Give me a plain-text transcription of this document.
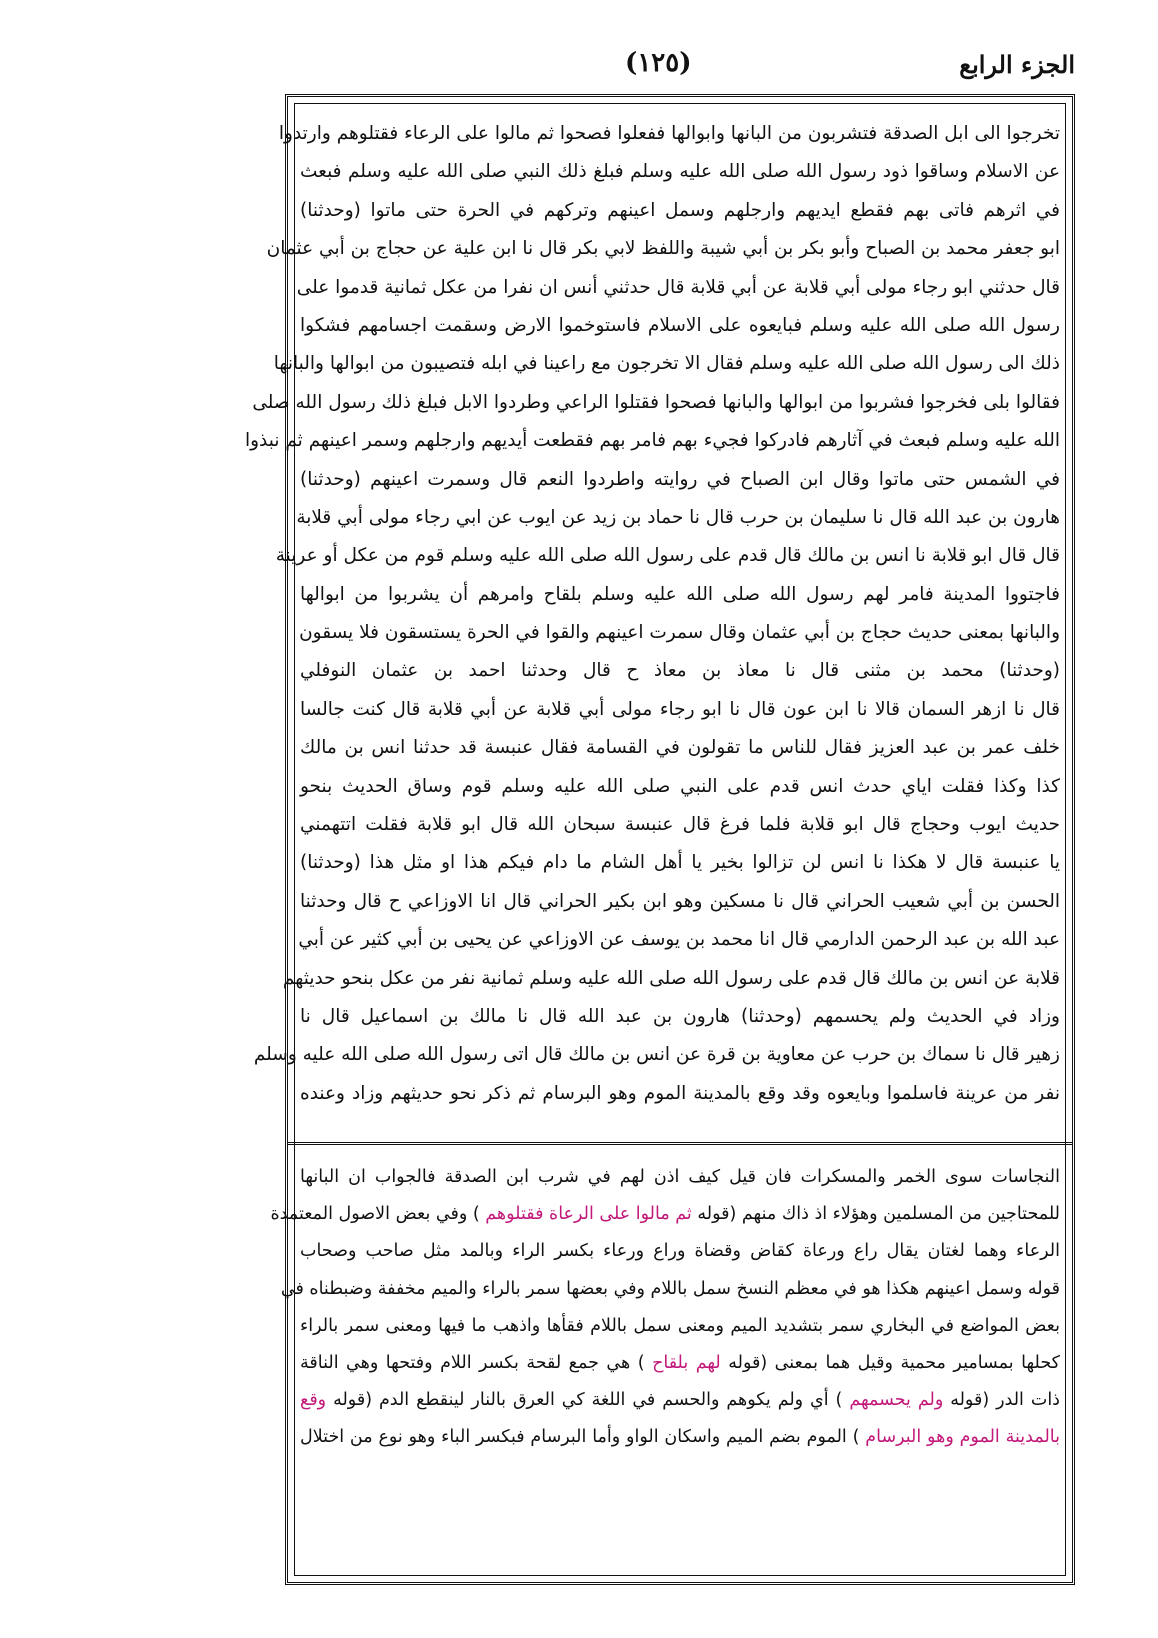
(١٢٥)	الجزء الرابع

تخرجوا الى ابل الصدقة فتشربون من البانها وابوالها ففعلوا فصحوا ثم مالوا على الرعاء فقتلوهم وارتدوا

عن الاسلام وساقوا ذود رسول الله صلى الله عليه وسلم فبلغ ذلك النبي صلى الله عليه وسلم فبعث

في اثرهم فاتى بهم فقطع ايديهم وارجلهم وسمل اعينهم وتركهم في الحرة حتى ماتوا (وحدثنا)

ابو جعفر محمد بن الصباح وأبو بكر بن أبي شيبة واللفظ لابي بكر قال نا ابن علية عن حجاج بن أبي عثمان

قال حدثني ابو رجاء مولى أبي قلابة عن أبي قلابة قال حدثني أنس ان نفرا من عكل ثمانية قدموا على

رسول الله صلى الله عليه وسلم فبايعوه على الاسلام فاستوخموا الارض وسقمت اجسامهم فشكوا

ذلك الى رسول الله صلى الله عليه وسلم فقال الا تخرجون مع راعينا في ابله فتصيبون من ابوالها والبانها

فقالوا بلى فخرجوا فشربوا من ابوالها والبانها فصحوا فقتلوا الراعي وطردوا الابل فبلغ ذلك رسول الله صلى

الله عليه وسلم فبعث في آثارهم فادركوا فجيء بهم فامر بهم فقطعت أيديهم وارجلهم وسمر اعينهم ثم نبذوا

في الشمس حتى ماتوا وقال ابن الصباح في روايته واطردوا النعم قال وسمرت اعينهم (وحدثنا)

هارون بن عبد الله قال نا سليمان بن حرب قال نا حماد بن زيد عن ايوب عن ابي رجاء مولى أبي قلابة

قال قال ابو قلابة نا انس بن مالك قال قدم على رسول الله صلى الله عليه وسلم قوم من عكل أو عرينة

فاجتووا المدينة فامر لهم رسول الله صلى الله عليه وسلم بلقاح وامرهم أن يشربوا من ابوالها

والبانها بمعنى حديث حجاج بن أبي عثمان وقال سمرت اعينهم والقوا في الحرة يستسقون فلا يسقون

(وحدثنا) محمد بن مثنى قال نا معاذ بن معاذ ح قال وحدثنا احمد بن عثمان النوفلي

قال نا ازهر السمان قالا نا ابن عون قال نا ابو رجاء مولى أبي قلابة عن أبي قلابة قال كنت جالسا

خلف عمر بن عبد العزيز فقال للناس ما تقولون في القسامة فقال عنبسة قد حدثنا انس بن مالك

كذا وكذا فقلت اياي حدث انس قدم على النبي صلى الله عليه وسلم قوم وساق الحديث بنحو

حديث ايوب وحجاج قال ابو قلابة فلما فرغ قال عنبسة سبحان الله قال ابو قلابة فقلت اتتهمني

يا عنبسة قال لا هكذا نا انس لن تزالوا بخير يا أهل الشام ما دام فيكم هذا او مثل هذا (وحدثنا)

الحسن بن أبي شعيب الحراني قال نا مسكين وهو ابن بكير الحراني قال انا الاوزاعي ح قال وحدثنا

عبد الله بن عبد الرحمن الدارمي قال انا محمد بن يوسف عن الاوزاعي عن يحيى بن أبي كثير عن أبي

قلابة عن انس بن مالك قال قدم على رسول الله صلى الله عليه وسلم ثمانية نفر من عكل بنحو حديثهم

وزاد في الحديث ولم يحسمهم (وحدثنا) هارون بن عبد الله قال نا مالك بن اسماعيل قال نا

زهير قال نا سماك بن حرب عن معاوية بن قرة عن انس بن مالك قال اتى رسول الله صلى الله عليه وسلم

نفر من عرينة فاسلموا وبايعوه وقد وقع بالمدينة الموم وهو البرسام ثم ذكر نحو حديثهم وزاد وعنده

النجاسات سوى الخمر والمسكرات فان قيل كيف اذن لهم في شرب ابن الصدقة فالجواب ان البانها

للمحتاجين من المسلمين وهؤلاء اذ ذاك منهم (قوله ثم مالوا على الرعاة فقتلوهم ) وفي بعض الاصول المعتمدة

الرعاء وهما لغتان يقال راع ورعاة كقاض وقضاة وراع ورعاء بكسر الراء وبالمد مثل صاحب وصحاب

قوله وسمل اعينهم هكذا هو في معظم النسخ سمل باللام وفي بعضها سمر بالراء والميم مخففة وضبطناه في

بعض المواضع في البخاري سمر بتشديد الميم ومعنى سمل باللام فقأها واذهب ما فيها ومعنى سمر بالراء

كحلها بمسامير محمية وقيل هما بمعنى (قوله لهم بلقاح ) هي جمع لقحة بكسر اللام وفتحها وهي الناقة

ذات الدر (قوله ولم يحسمهم ) أي ولم يكوهم والحسم في اللغة كي العرق بالنار لينقطع الدم (قوله وقع

بالمدينة الموم وهو البرسام ) الموم بضم الميم واسكان الواو وأما البرسام فبكسر الباء وهو نوع من اختلال
